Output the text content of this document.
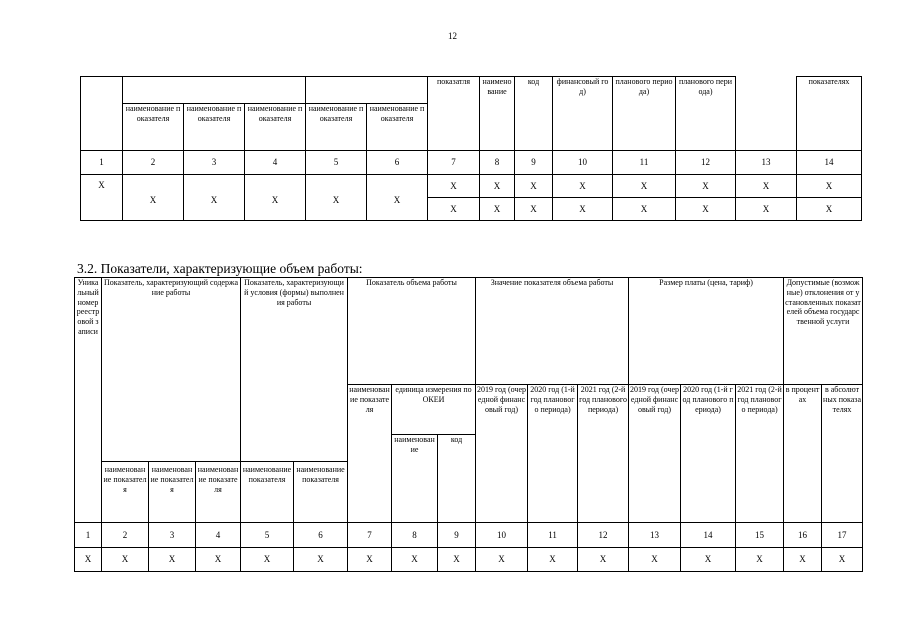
12
						показатля	наименование	код	финансовый год)	планового периода)	планового периода)		показателях
	наименование показателя	наименование показателя	наименование показателя	наименование показателя	наименование показателя								
1	2	3	4	5	6	7	8	9	10	11	12	13	14
X	X	X	X	X	X	X	X	X	X	X	X	X	X
						X	X	X	X	X	X	X	X
3.2. Показатели, характеризующие объем работы:
Уникальный номер реестровой записи	Показатель, характеризующий содержание работы			Показатель, характеризующий условия (формы) выполнения работы		Показатель объема работы			Значение показателя объема работы			Размер платы (цена, тариф)			Допустимые (возможные) отклонения от установленных показателей объема государственной услуги	
						наименование показателя	единица измерения по ОКЕИ		2019 год (очередной финансовый год)	2020 год (1-й год планового периода)	2021 год (2-й год планового периода)	2019 год (очередной финансовый год)	2020 год (1-й год планового периода)	2021 год (2-й год планового периода)	в процентах	в абсолютных показателях
							наименование	код								
	наименование показателя	наименование показателя	наименование показателя	наименование показателя	наименование показателя											
1	2	3	4	5	6	7	8	9	10	11	12	13	14	15	16	17
X	X	X	X	X	X	X	X	X	X	X	X	X	X	X	X	X
